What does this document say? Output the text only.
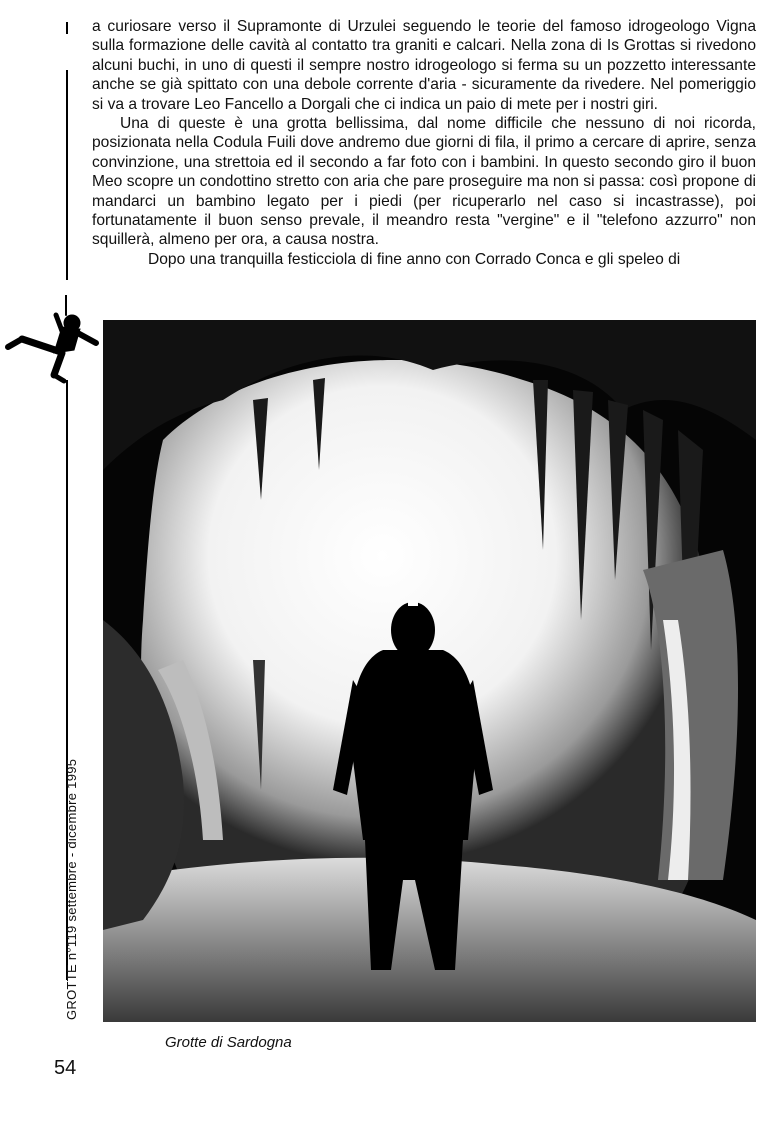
a curiosare verso il Supramonte di Urzulei seguendo le teorie del famoso idrogeologo Vigna sulla formazione delle cavità al contatto tra graniti e calcari. Nella zona di Is Grottas si rivedono alcuni buchi, in uno di questi il sempre nostro idrogeologo si ferma su un pozzetto interessante anche se già spittato con una debole corrente d'aria - sicuramente da rivedere. Nel pomeriggio si va a trovare Leo Fancello a Dorgali che ci indica un paio di mete per i nostri giri.

Una di queste è una grotta bellissima, dal nome difficile che nessuno di noi ricorda, posizionata nella Codula Fuili dove andremo due giorni di fila, il primo a cercare di aprire, senza convinzione, una strettoia ed il secondo a far foto con i bambini. In questo secondo giro il buon Meo scopre un condottino stretto con aria che pare proseguire ma non si passa: così propone di mandarci un bambino legato per i piedi (per ricuperarlo nel caso si incastrasse), poi fortunatamente il buon senso prevale, il meandro resta "vergine" e il "telefono azzurro" non squillerà, almeno per ora, a causa nostra.

Dopo una tranquilla festicciola di fine anno con Corrado Conca e gli speleo di

Grotte di Sardogna
54
GROTTE n°119 settembre - dicembre 1995
